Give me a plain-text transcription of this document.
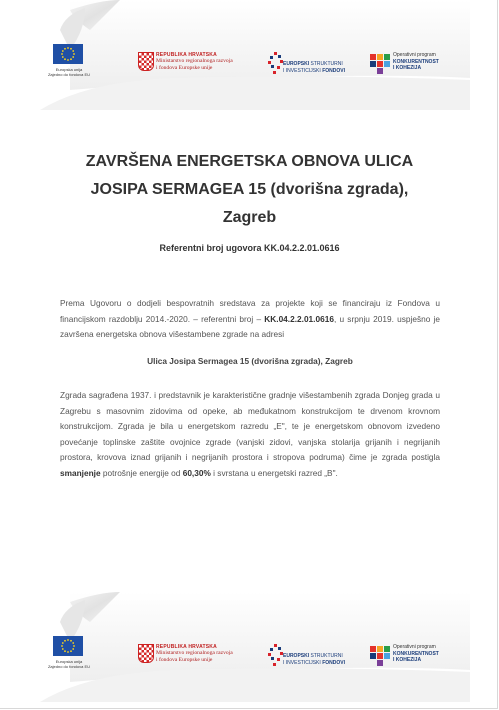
Europska unija
Zajedno do fondova EU
REPUBLIKA HRVATSKA
Ministarstvo regionalnoga razvoja
i fondova Europske unije
EUROPSKI STRUKTURNI
I INVESTICIJSKI FONDOVI
Operativni program
KONKURENTNOST
I KOHEZIJA
ZAVRŠENA ENERGETSKA OBNOVA ULICA
JOSIPA SERMAGEA 15 (dvorišna zgrada),
Zagreb

Referentni broj ugovora KK.04.2.2.01.0616

Prema Ugovoru o dodjeli bespovratnih sredstava za projekte koji se financiraju iz Fondova u financijskom razdoblju 2014.-2020. – referentni broj – KK.04.2.2.01.0616, u srpnju 2019. uspješno je završena energetska obnova višestambene zgrade na adresi

Ulica Josipa Sermagea 15 (dvorišna zgrada), Zagreb

Zgrada sagrađena 1937. i predstavnik je karakteristične gradnje višestambenih zgrada Donjeg grada u Zagrebu s masovnim zidovima od opeke, ab međukatnom konstrukcijom te drvenom krovnom konstrukcijom. Zgrada je bila u energetskom razredu „E", te je energetskom obnovom izvedeno povećanje toplinske zaštite ovojnice zgrade (vanjski zidovi, vanjska stolarija grijanih i negrijanih prostora, krovova iznad grijanih i negrijanih prostora i stropova podruma) čime je zgrada postigla smanjenje potrošnje energije od 60,30% i svrstana u energetski razred „B".

Europska unija
Zajedno do fondova EU
REPUBLIKA HRVATSKA
Ministarstvo regionalnoga razvoja
i fondova Europske unije
EUROPSKI STRUKTURNI
I INVESTICIJSKI FONDOVI
Operativni program
KONKURENTNOST
I KOHEZIJA
